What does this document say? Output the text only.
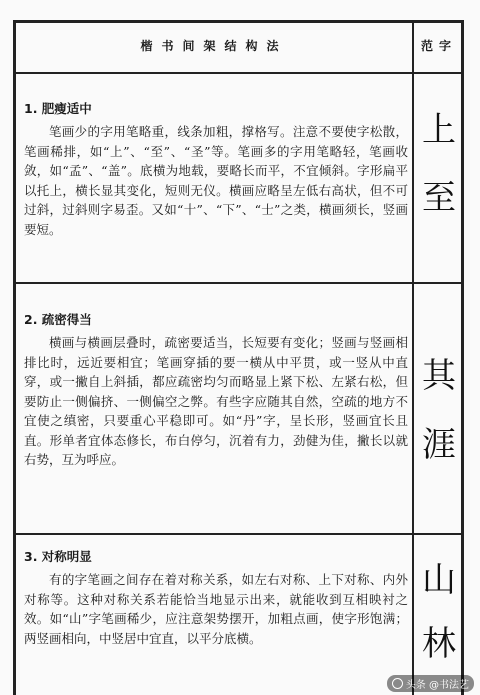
楷书间架结构法	范字

1. 肥瘦适中

笔画少的字用笔略重，线条加粗，撑格写。注意不要使字松散，笔画稀排，如“上”、“至”、“圣”等。笔画多的字用笔略轻，笔画收敛，如“孟”、“盖”。底横为地载，要略长而平，不宜倾斜。字形扁平以托上，横长显其变化，短则无仪。横画应略呈左低右高状，但不可过斜，过斜则字易歪。又如“十”、“下”、“士”之类，横画须长，竖画要短。

上
至

2. 疏密得当

横画与横画层叠时，疏密要适当，长短要有变化；竖画与竖画相排比时，远近要相宜；笔画穿插的要一横从中平贯，或一竖从中直穿，或一撇自上斜插，都应疏密均匀而略显上紧下松、左紧右松，但要防止一侧偏挤、一侧偏空之弊。有些字应随其自然，空疏的地方不宜使之缜密，只要重心平稳即可。如“丹”字，呈长形，竖画宜长且直。形单者宜体态修长，布白停匀，沉着有力，劲健为佳，撇长以就右势，互为呼应。

其
涯

3. 对称明显

有的字笔画之间存在着对称关系，如左右对称、上下对称、内外对称等。这种对称关系若能恰当地显示出来，就能收到互相映衬之效。如“山”字笔画稀少，应注意架势摆开，加粗点画，使字形饱满；两竖画相向，中竖居中宜直，以平分底横。

山
林
头条 @书法艺
